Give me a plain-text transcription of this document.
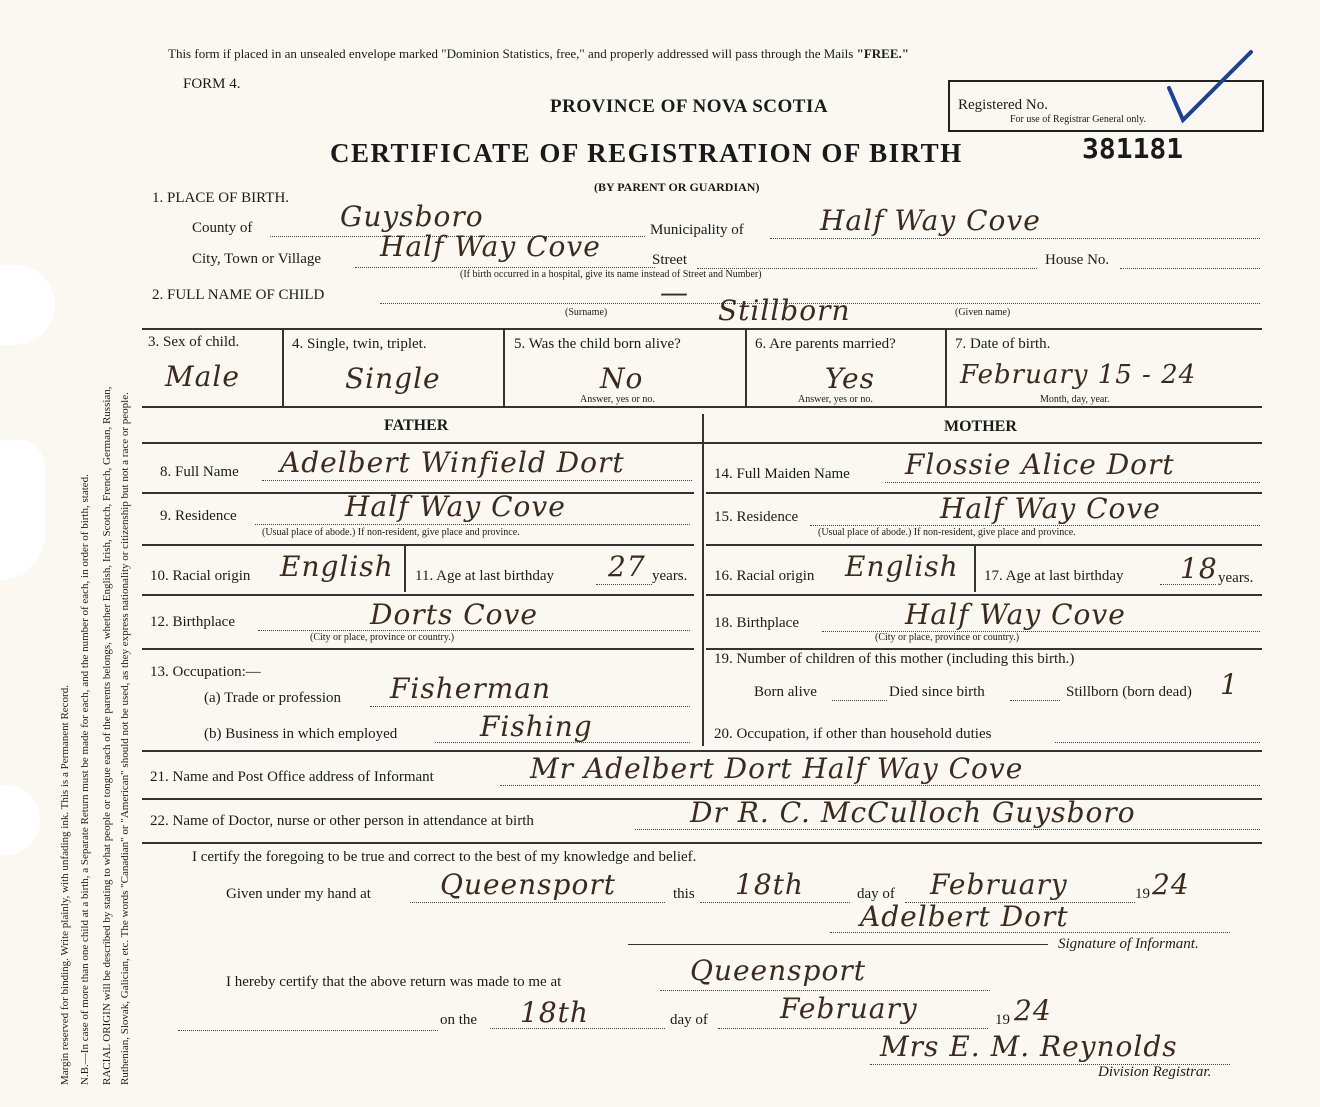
Margin reserved for binding. Write plainly, with unfading ink. This is a Permanent Record. N.B.—In case of more than one child at a birth, a Separate Return must be made for each, and the number of each, in order of birth, stated. RACIAL ORIGIN will be described by stating to what people or tongue each of the parents belongs, whether English, Irish, Scotch, French, German, Russian, Ruthenian, Slovak, Galician, etc. The words "Canadian" or "American" should not be used, as they express nationality or citizenship but not a race or people.
This form if placed in an unsealed envelope marked "Dominion Statistics, free," and properly addressed will pass through the Mails "FREE."
FORM 4.
PROVINCE OF NOVA SCOTIA
CERTIFICATE OF REGISTRATION OF BIRTH
(BY PARENT OR GUARDIAN)
Registered No.
For use of Registrar General only.
381181
1. PLACE OF BIRTH.
County of	Guysboro	Municipality of	Half Way Cove
City, Town or Village Half Way Cove	Street	House No.
(If birth occurred in a hospital, give its name instead of Street and Number)
2. FULL NAME OF CHILD	—
Stillborn
(Surname)	(Given name)
3. Sex of child.
Male
4. Single, twin, triplet.
Single
5. Was the child born alive?
No
Answer, yes or no.
6. Are parents married?
Yes
Answer, yes or no.
7. Date of birth.
February 15 - 24
Month, day, year.
FATHER	MOTHER
8. Full Name Adelbert Winfield Dort	14. Full Maiden Name Flossie Alice Dort
9. Residence	Half Way Cove
(Usual place of abode.) If non-resident, give place and province.
15. Residence	Half Way Cove
(Usual place of abode.) If non-resident, give place and province.
10. Racial origin English 11. Age at last birthday 27 years. 16. Racial origin English 17. Age at last birthday 18 years.
12. Birthplace	Dorts Cove
(City or place, province or country.)
18. Birthplace	Half Way Cove
(City or place, province or country.)
13. Occupation:—
(a) Trade or profession Fisherman
(b) Business in which employed	Fishing
19. Number of children of this mother (including this birth.)
Born alive	Died since birth	Stillborn (born dead) 1
20. Occupation, if other than household duties
21. Name and Post Office address of Informant	Mr Adelbert Dort Half Way Cove
22. Name of Doctor, nurse or other person in attendance at birth	Dr R. C. McCulloch Guysboro
I certify the foregoing to be true and correct to the best of my knowledge and belief.
Given under my hand at Queensport	this 18th	day of February	19 24
Adelbert Dort
Signature of Informant.
I hereby certify that the above return was made to me at	Queensport
on the 18th	day of	February	19 24
Mrs E. M. Reynolds
Division Registrar.
